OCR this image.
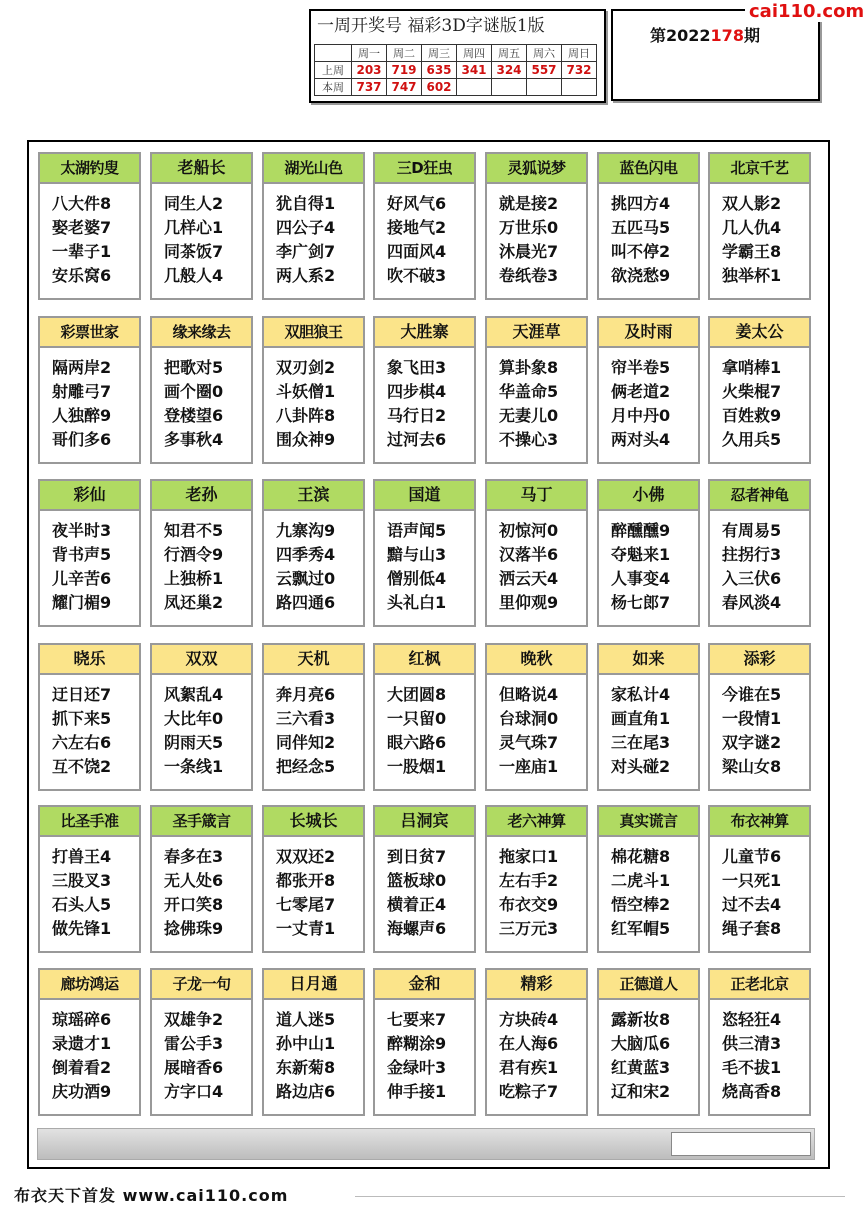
一周开奖号 福彩3D字谜版1版
	周一	周二	周三	周四	周五	周六	周日
上周	203	719	635	341	324	557	732
本周	737	747	602				
第2022178期
cai110.com
太湖钓叟
八大件8
娶老婆7
一辈子1
安乐窝6
老船长
同生人2
几样心1
同茶饭7
几般人4
湖光山色
犹自得1
四公子4
李广剑7
两人系2
三D狂虫
好风气6
接地气2
四面风4
吹不破3
灵狐说梦
就是接2
万世乐0
沐晨光7
卷纸卷3
蓝色闪电
挑四方4
五匹马5
叫不停2
欲浇愁9
北京千艺
双人影2
几人仇4
学霸王8
独举杯1
彩票世家
隔两岸2
射雕弓7
人独醉9
哥们多6
缘来缘去
把歌对5
画个圈0
登楼望6
多事秋4
双胆狼王
双刃剑2
斗妖僧1
八卦阵8
围众神9
大胜寨
象飞田3
四步棋4
马行日2
过河去6
天涯草
算卦象8
华盖命5
无妻儿0
不操心3
及时雨
帘半卷5
俩老道2
月中丹0
两对头4
姜太公
拿哨棒1
火柴棍7
百姓救9
久用兵5
彩仙
夜半时3
背书声5
儿辛苦6
耀门楣9
老孙
知君不5
行酒令9
上独桥1
凤还巢2
王滨
九寨沟9
四季秀4
云飘过0
路四通6
国道
语声闻5
黯与山3
僧别低4
头礼白1
马丁
初惊河0
汉落半6
洒云天4
里仰观9
小佛
醉醺醺9
夺魁来1
人事变4
杨七郎7
忍者神龟
有周易5
拄拐行3
入三伏6
春风淡4
晓乐
迂日还7
抓下来5
六左右6
互不饶2
双双
风絮乱4
大比年0
阴雨天5
一条线1
天机
奔月亮6
三六看3
同伴知2
把经念5
红枫
大团圆8
一只留0
眼六路6
一股烟1
晚秋
但略说4
台球洞0
灵气珠7
一座庙1
如来
家私计4
画直角1
三在尾3
对头碰2
添彩
今谁在5
一段情1
双字谜2
梁山女8
比圣手准
打兽王4
三股叉3
石头人5
做先锋1
圣手箴言
春多在3
无人处6
开口笑8
捻佛珠9
长城长
双双还2
都张开8
七零尾7
一丈青1
吕洞宾
到日贫7
篮板球0
横着正4
海螺声6
老六神算
拖家口1
左右手2
布衣交9
三万元3
真实谎言
棉花糖8
二虎斗1
悟空棒2
红军帽5
布衣神算
儿童节6
一只死1
过不去4
绳子套8
廊坊鸿运
琼瑶碎6
录遗才1
倒着看2
庆功酒9
子龙一句
双雄争2
雷公手3
展暗香6
方字口4
日月通
道人迷5
孙中山1
东新菊8
路边店6
金和
七要来7
醉糊涂9
金绿叶3
伸手接1
精彩
方块砖4
在人海6
君有疾1
吃粽子7
正德道人
露新妆8
大脑瓜6
红黄蓝3
辽和宋2
正老北京
恣轻狂4
供三清3
毛不拔1
烧高香8
布衣天下首发 www.cai110.com
